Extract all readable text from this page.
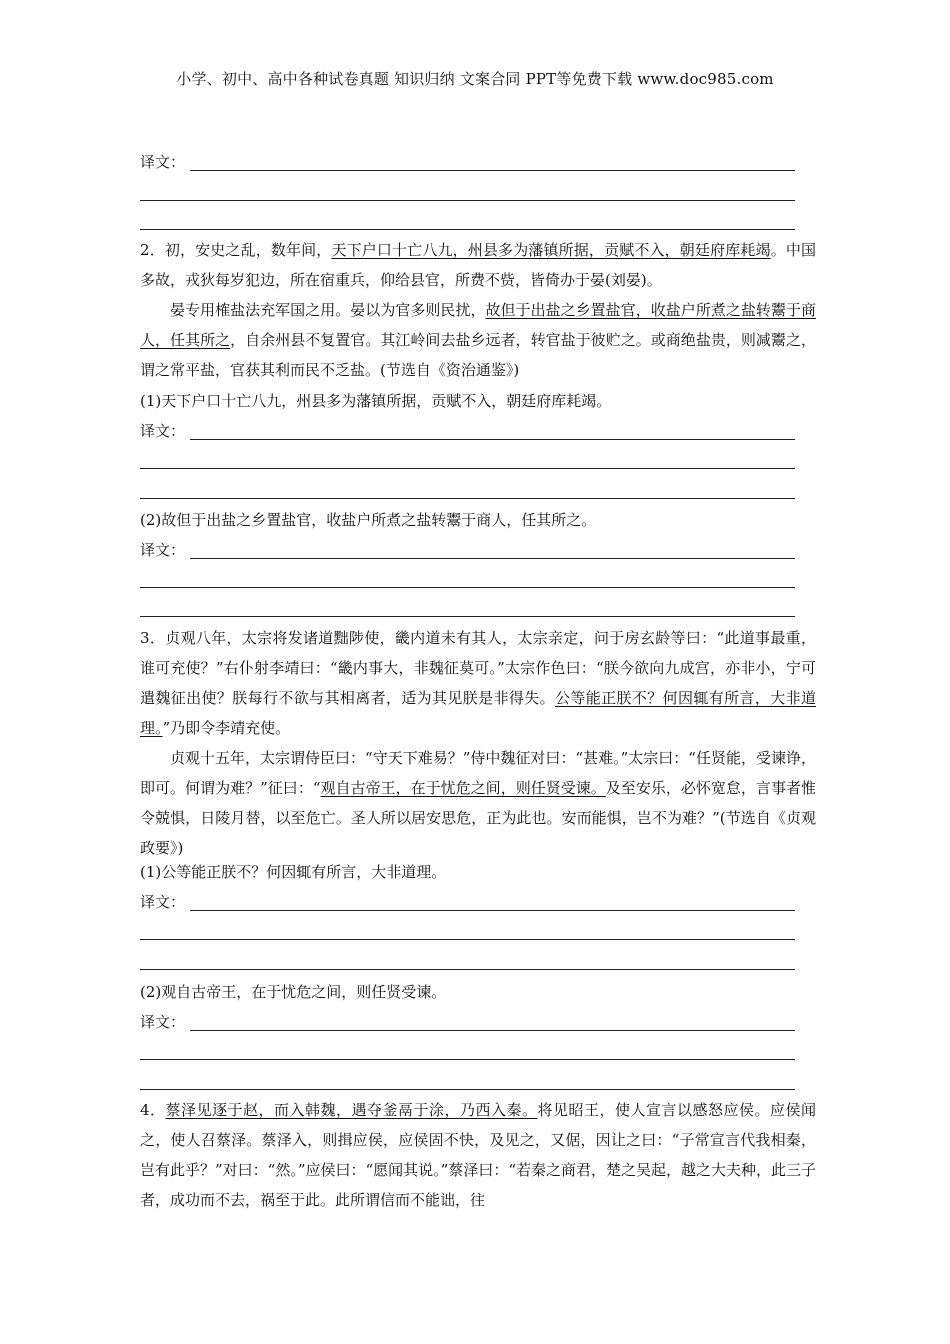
小学、初中、高中各种试卷真题 知识归纳 文案合同 PPT等免费下载 www.doc985.com
译文：

2．初，安史之乱，数年间，天下户口十亡八九，州县多为藩镇所据，贡赋不入，朝廷府库耗竭。中国多故，戎狄每岁犯边，所在宿重兵，仰给县官，所费不赀，皆倚办于晏(刘晏)。

晏专用榷盐法充军国之用。晏以为官多则民扰，故但于出盐之乡置盐官，收盐户所煮之盐转鬻于商人，任其所之，自余州县不复置官。其江岭间去盐乡远者，转官盐于彼贮之。或商绝盐贵，则减鬻之，谓之常平盐，官获其利而民不乏盐。(节选自《资治通鉴》)

(1)天下户口十亡八九，州县多为藩镇所据，贡赋不入，朝廷府库耗竭。
译文：
(2)故但于出盐之乡置盐官，收盐户所煮之盐转鬻于商人，任其所之。
译文：

3．贞观八年，太宗将发诸道黜陟使，畿内道未有其人，太宗亲定，问于房玄龄等曰：“此道事最重，谁可充使？”右仆射李靖曰：“畿内事大，非魏征莫可。”太宗作色曰：“朕今欲向九成宫，亦非小，宁可遣魏征出使？朕每行不欲与其相离者，适为其见朕是非得失。公等能正朕不？何因辄有所言，大非道理。”乃即令李靖充使。

贞观十五年，太宗谓侍臣曰：“守天下难易？”侍中魏征对曰：“甚难。”太宗曰：“任贤能，受谏诤，即可。何谓为难？”征曰：“观自古帝王，在于忧危之间，则任贤受谏。及至安乐，必怀宽怠，言事者惟令兢惧，日陵月替，以至危亡。圣人所以居安思危，正为此也。安而能惧，岂不为难？”(节选自《贞观政要》)

(1)公等能正朕不？何因辄有所言，大非道理。
译文：
(2)观自古帝王，在于忧危之间，则任贤受谏。
译文：

4．蔡泽见逐于赵，而入韩魏，遇夺釜鬲于涂，乃西入秦。将见昭王，使人宣言以感怒应侯。应侯闻之，使人召蔡泽。蔡泽入，则揖应侯，应侯固不快，及见之，又倨，因让之曰：“子常宣言代我相秦，岂有此乎？”对曰：“然。”应侯曰：“愿闻其说。”蔡泽曰：“若秦之商君，楚之吴起，越之大夫种，此三子者，成功而不去，祸至于此。此所谓信而不能诎，往
